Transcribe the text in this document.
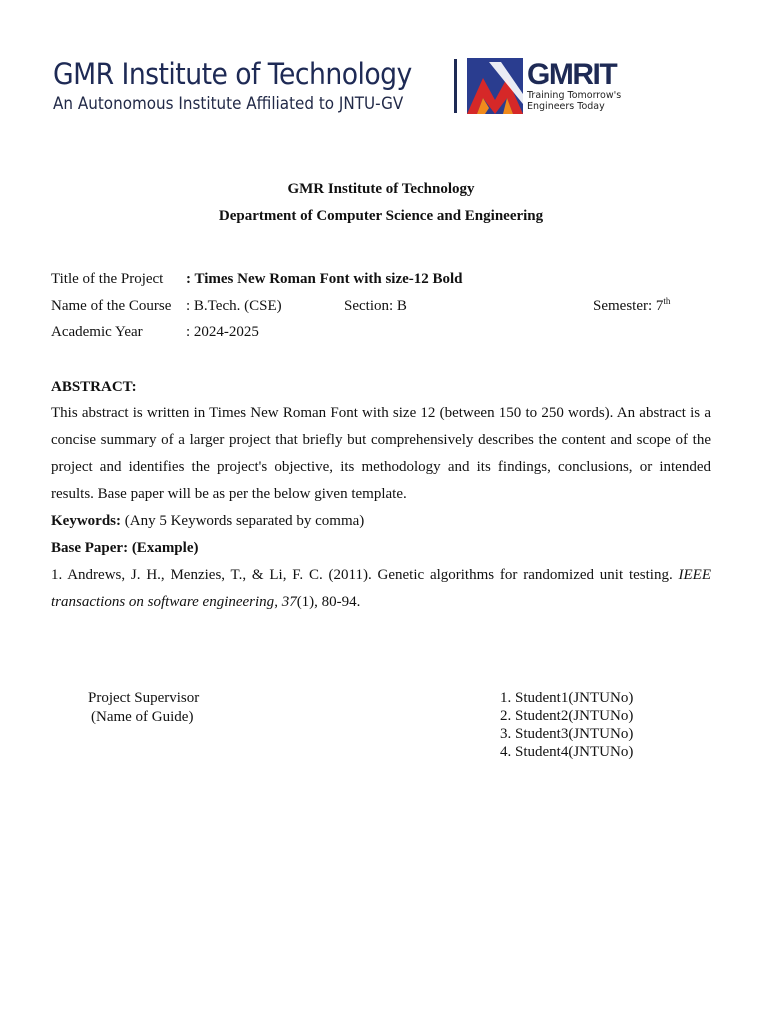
GMR Institute of Technology
An Autonomous Institute Affiliated to JNTU-GV
GMRIT
Training Tomorrow's
Engineers Today
GMR Institute of Technology
Department of Computer Science and Engineering
Title of the Project : Times New Roman Font with size-12 Bold
Name of the Course : B.Tech. (CSE)	Section: B	Semester: 7th
Academic Year	: 2024-2025
ABSTRACT:

This abstract is written in Times New Roman Font with size 12 (between 150 to 250 words). An abstract is a concise summary of a larger project that briefly but comprehensively describes the content and scope of the project and identifies the project's objective, its methodology and its findings, conclusions, or intended results. Base paper will be as per the below given template.

Keywords: (Any 5 Keywords separated by comma)
Base Paper: (Example)

1. Andrews, J. H., Menzies, T., & Li, F. C. (2011). Genetic algorithms for randomized unit testing. IEEE transactions on software engineering, 37(1), 80-94.

Project Supervisor
(Name of Guide)
1. Student1(JNTUNo)
2. Student2(JNTUNo)
3. Student3(JNTUNo)
4. Student4(JNTUNo)
